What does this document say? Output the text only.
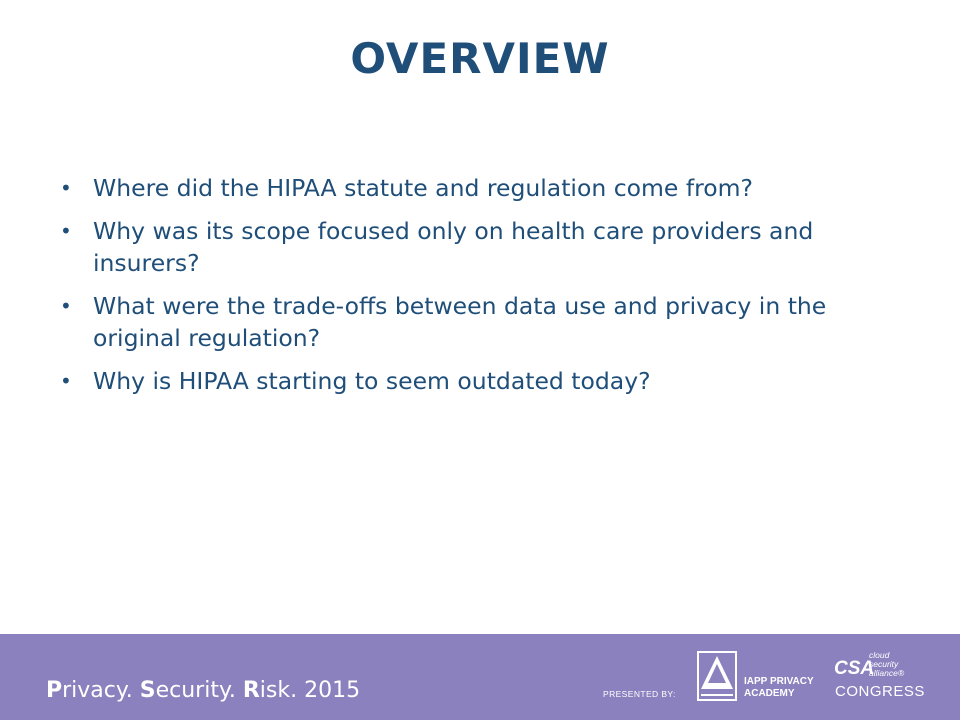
OVERVIEW
• Where did the HIPAA statute and regulation come from?
• Why was its scope focused only on health care providers and insurers?
• What were the trade-offs between data use and privacy in the original regulation?
• Why is HIPAA starting to seem outdated today?
Privacy. Security. Risk. 2015	PRESENTED BY:
IAPP PRIVACY
ACADEMY
CSA
cloud
security
alliance®
CONGRESS
